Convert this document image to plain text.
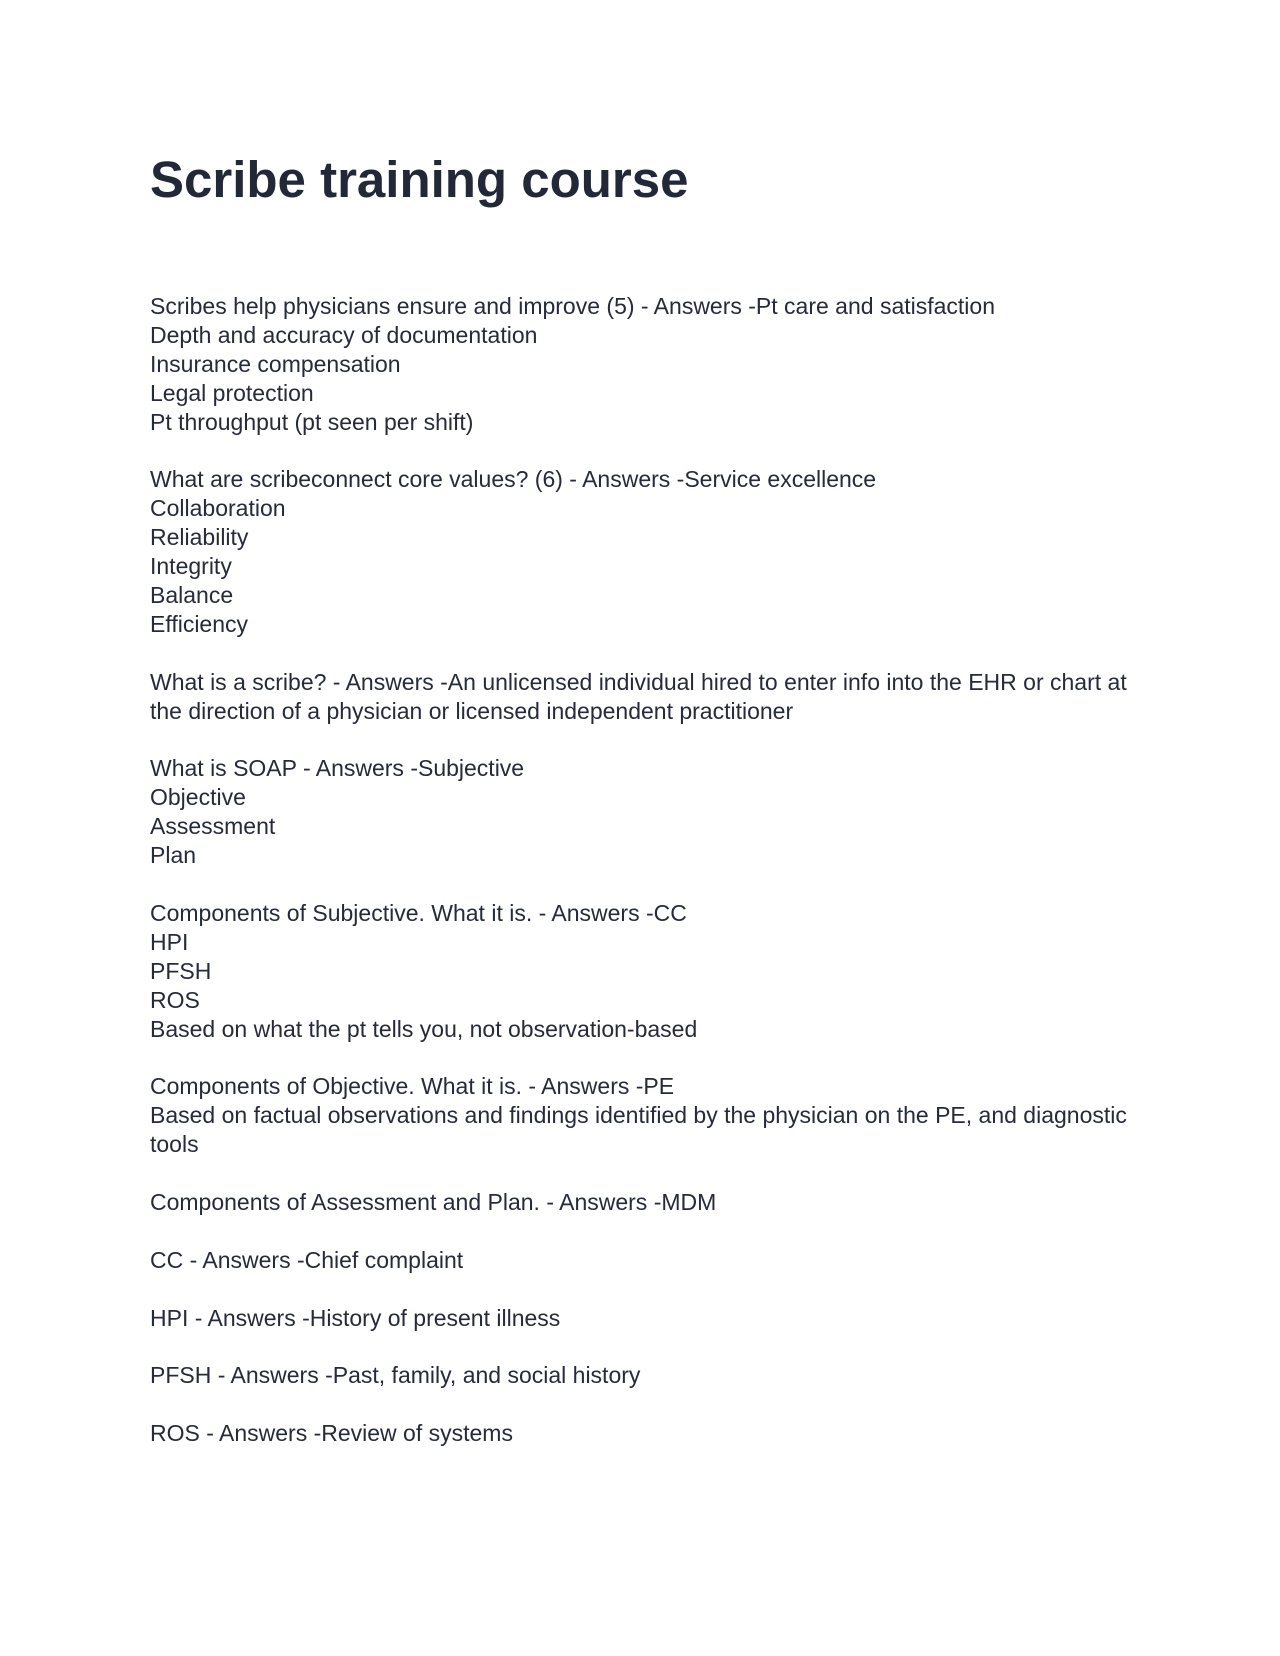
Scribe training course
Scribes help physicians ensure and improve (5) - Answers -Pt care and satisfaction
Depth and accuracy of documentation
Insurance compensation
Legal protection
Pt throughput (pt seen per shift)
What are scribeconnect core values? (6) - Answers -Service excellence
Collaboration
Reliability
Integrity
Balance
Efficiency
What is a scribe? - Answers -An unlicensed individual hired to enter info into the EHR or chart at the direction of a physician or licensed independent practitioner
What is SOAP - Answers -Subjective
Objective
Assessment
Plan
Components of Subjective. What it is. - Answers -CC
HPI
PFSH
ROS
Based on what the pt tells you, not observation-based
Components of Objective. What it is. - Answers -PE
Based on factual observations and findings identified by the physician on the PE, and diagnostic tools
Components of Assessment and Plan. - Answers -MDM
CC - Answers -Chief complaint
HPI - Answers -History of present illness
PFSH - Answers -Past, family, and social history
ROS - Answers -Review of systems
